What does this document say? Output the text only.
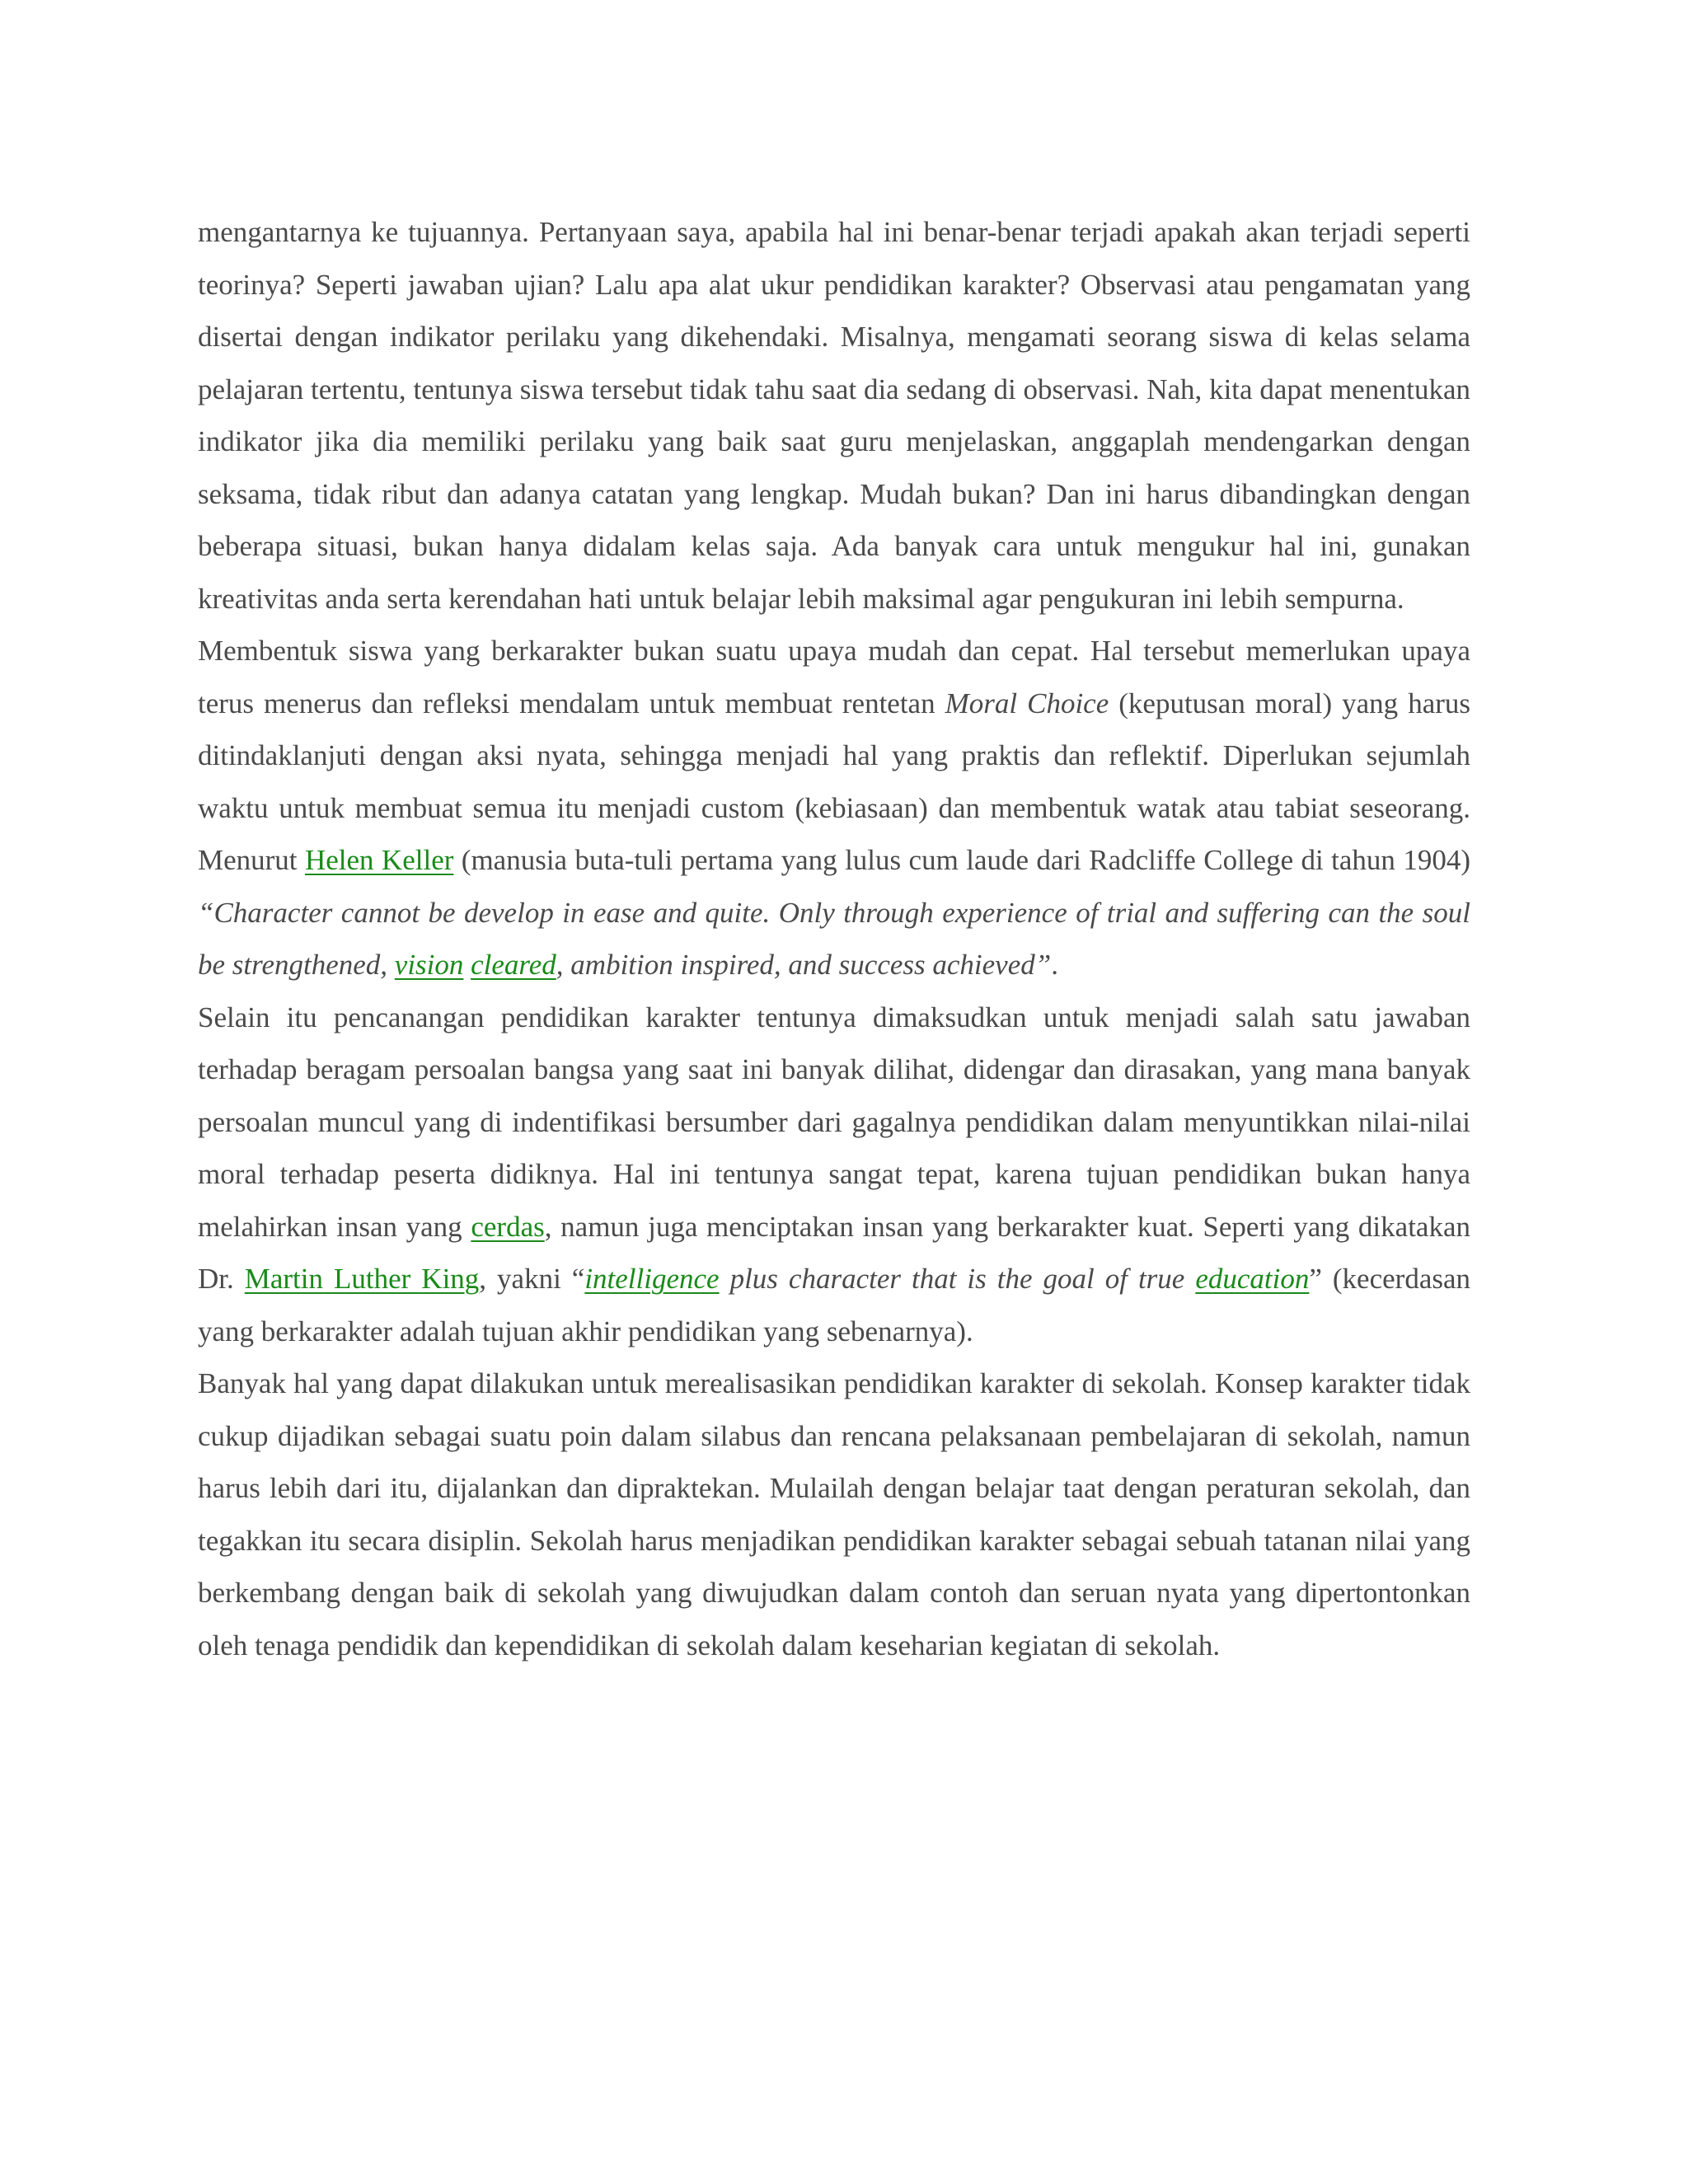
mengantarnya ke tujuannya. Pertanyaan saya, apabila hal ini benar-benar terjadi apakah akan terjadi seperti teorinya? Seperti jawaban ujian? Lalu apa alat ukur pendidikan karakter? Observasi atau pengamatan yang disertai dengan indikator perilaku yang dikehendaki. Misalnya, mengamati seorang siswa di kelas selama pelajaran tertentu, tentunya siswa tersebut tidak tahu saat dia sedang di observasi. Nah, kita dapat menentukan indikator jika dia memiliki perilaku yang baik saat guru menjelaskan, anggaplah mendengarkan dengan seksama, tidak ribut dan adanya catatan yang lengkap. Mudah bukan? Dan ini harus dibandingkan dengan beberapa situasi, bukan hanya didalam kelas saja. Ada banyak cara untuk mengukur hal ini, gunakan kreativitas anda serta kerendahan hati untuk belajar lebih maksimal agar pengukuran ini lebih sempurna.

Membentuk siswa yang berkarakter bukan suatu upaya mudah dan cepat. Hal tersebut memerlukan upaya terus menerus dan refleksi mendalam untuk membuat rentetan Moral Choice (keputusan moral) yang harus ditindaklanjuti dengan aksi nyata, sehingga menjadi hal yang praktis dan reflektif. Diperlukan sejumlah waktu untuk membuat semua itu menjadi custom (kebiasaan) dan membentuk watak atau tabiat seseorang. Menurut Helen Keller (manusia buta-tuli pertama yang lulus cum laude dari Radcliffe College di tahun 1904) “Character cannot be develop in ease and quite. Only through experience of trial and suffering can the soul be strengthened, vision cleared, ambition inspired, and success achieved”.

Selain itu pencanangan pendidikan karakter tentunya dimaksudkan untuk menjadi salah satu jawaban terhadap beragam persoalan bangsa yang saat ini banyak dilihat, didengar dan dirasakan, yang mana banyak persoalan muncul yang di indentifikasi bersumber dari gagalnya pendidikan dalam menyuntikkan nilai-nilai moral terhadap peserta didiknya. Hal ini tentunya sangat tepat, karena tujuan pendidikan bukan hanya melahirkan insan yang cerdas, namun juga menciptakan insan yang berkarakter kuat. Seperti yang dikatakan Dr. Martin Luther King, yakni “intelligence plus character that is the goal of true education” (kecerdasan yang berkarakter adalah tujuan akhir pendidikan yang sebenarnya).

Banyak hal yang dapat dilakukan untuk merealisasikan pendidikan karakter di sekolah. Konsep karakter tidak cukup dijadikan sebagai suatu poin dalam silabus dan rencana pelaksanaan pembelajaran di sekolah, namun harus lebih dari itu, dijalankan dan dipraktekan. Mulailah dengan belajar taat dengan peraturan sekolah, dan tegakkan itu secara disiplin. Sekolah harus menjadikan pendidikan karakter sebagai sebuah tatanan nilai yang berkembang dengan baik di sekolah yang diwujudkan dalam contoh dan seruan nyata yang dipertontonkan oleh tenaga pendidik dan kependidikan di sekolah dalam keseharian kegiatan di sekolah.
